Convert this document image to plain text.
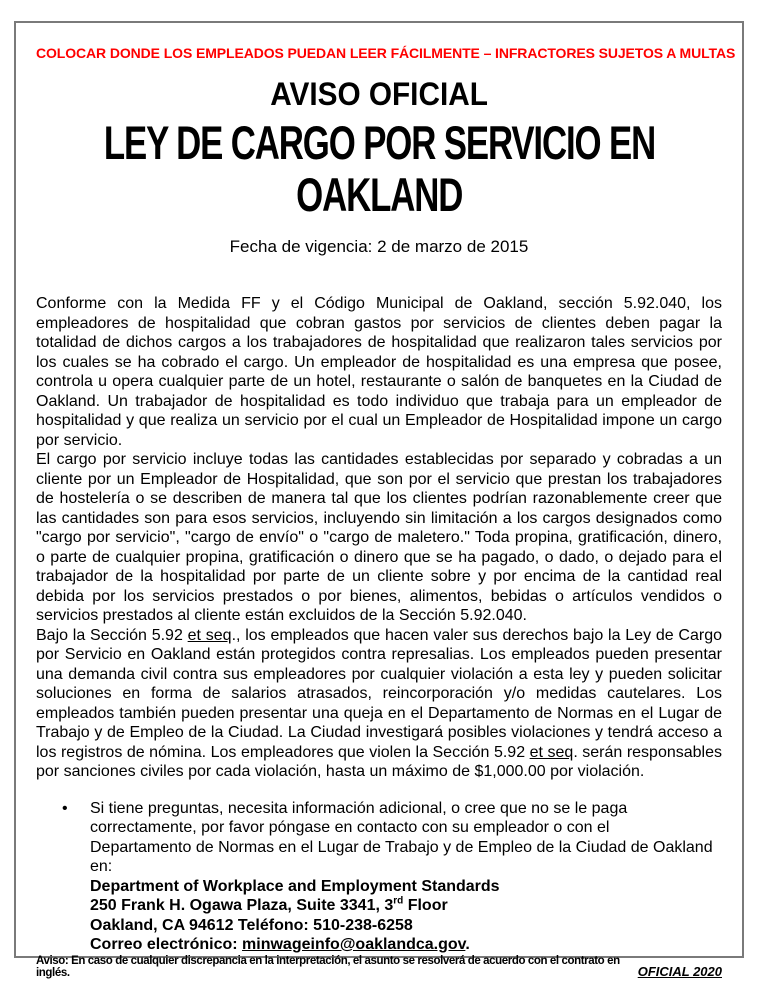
COLOCAR DONDE LOS EMPLEADOS PUEDAN LEER FÁCILMENTE – INFRACTORES SUJETOS A MULTAS
AVISO OFICIAL
LEY DE CARGO POR SERVICIO EN
OAKLAND
Fecha de vigencia: 2 de marzo de 2015

Conforme con la Medida FF y el Código Municipal de Oakland, sección 5.92.040, los empleadores de hospitalidad que cobran gastos por servicios de clientes deben pagar la totalidad de dichos cargos a los trabajadores de hospitalidad que realizaron tales servicios por los cuales se ha cobrado el cargo. Un empleador de hospitalidad es una empresa que posee, controla u opera cualquier parte de un hotel, restaurante o salón de banquetes en la Ciudad de Oakland. Un trabajador de hospitalidad es todo individuo que trabaja para un empleador de hospitalidad y que realiza un servicio por el cual un Empleador de Hospitalidad impone un cargo por servicio.

El cargo por servicio incluye todas las cantidades establecidas por separado y cobradas a un cliente por un Empleador de Hospitalidad, que son por el servicio que prestan los trabajadores de hostelería o se describen de manera tal que los clientes podrían razonablemente creer que las cantidades son para esos servicios, incluyendo sin limitación a los cargos designados como "cargo por servicio", "cargo de envío" o "cargo de maletero." Toda propina, gratificación, dinero, o parte de cualquier propina, gratificación o dinero que se ha pagado, o dado, o dejado para el trabajador de la hospitalidad por parte de un cliente sobre y por encima de la cantidad real debida por los servicios prestados o por bienes, alimentos, bebidas o artículos vendidos o servicios prestados al cliente están excluidos de la Sección 5.92.040.

Bajo la Sección 5.92 et seq., los empleados que hacen valer sus derechos bajo la Ley de Cargo por Servicio en Oakland están protegidos contra represalias. Los empleados pueden presentar una demanda civil contra sus empleadores por cualquier violación a esta ley y pueden solicitar soluciones en forma de salarios atrasados, reincorporación y/o medidas cautelares. Los empleados también pueden presentar una queja en el Departamento de Normas en el Lugar de Trabajo y de Empleo de la Ciudad. La Ciudad investigará posibles violaciones y tendrá acceso a los registros de nómina. Los empleadores que violen la Sección 5.92 et seq. serán responsables por sanciones civiles por cada violación, hasta un máximo de $1,000.00 por violación.

•	Si tiene preguntas, necesita información adicional, o cree que no se le paga correctamente, por favor póngase en contacto con su empleador o con el Departamento de Normas en el Lugar de Trabajo y de Empleo de la Ciudad de Oakland en:
Department of Workplace and Employment Standards
250 Frank H. Ogawa Plaza, Suite 3341, 3rd Floor
Oakland, CA 94612 Teléfono: 510-238-6258
Correo electrónico: minwageinfo@oaklandca.gov.
Aviso: En caso de cualquier discrepancia en la interpretación, el asunto se resolverá de acuerdo con el contrato en inglés.	OFICIAL 2020
